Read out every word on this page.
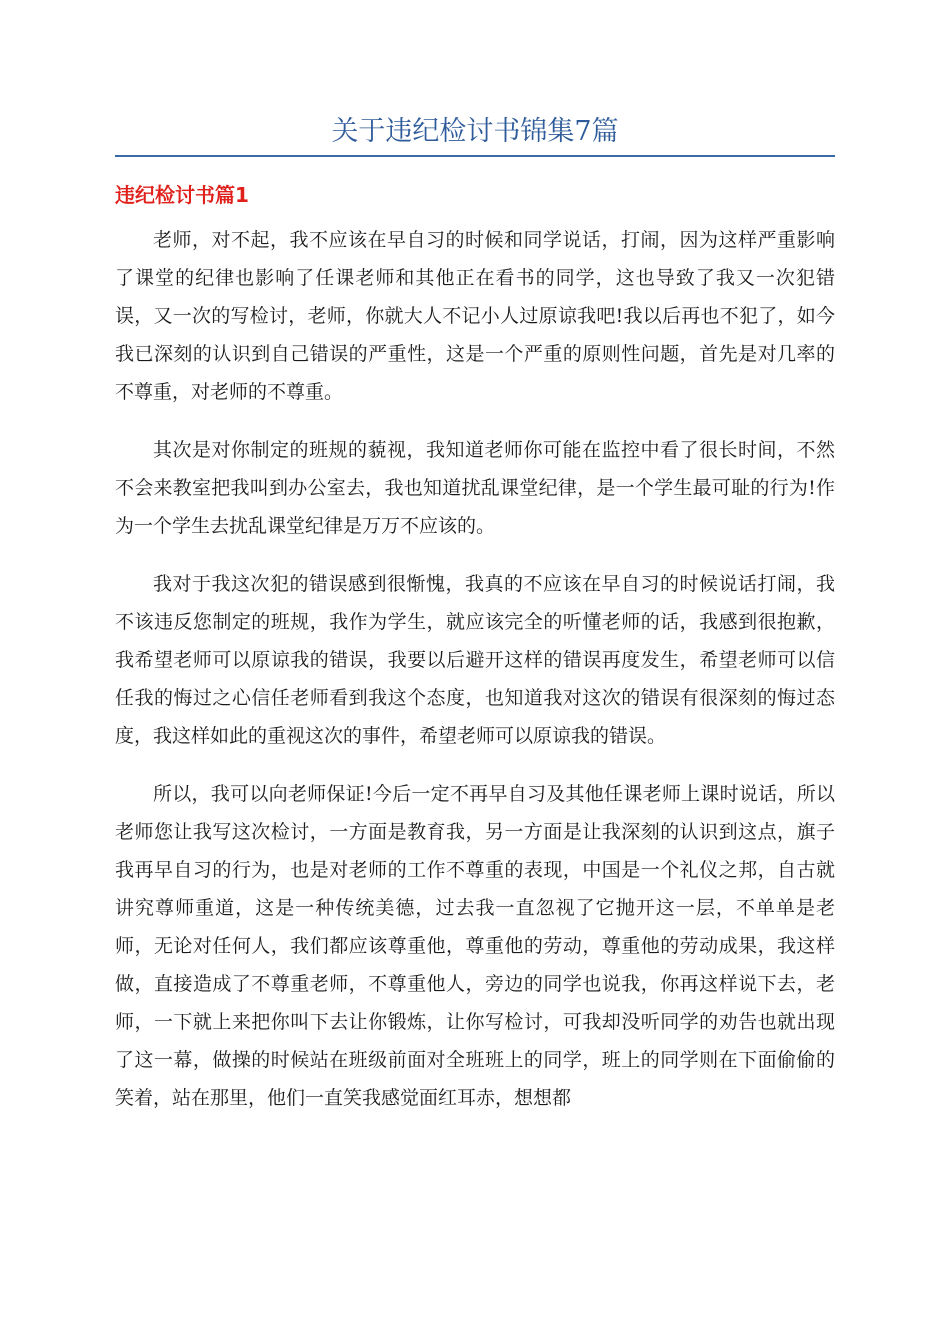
关于违纪检讨书锦集7篇
违纪检讨书篇1

老师，对不起，我不应该在早自习的时候和同学说话，打闹，因为这样严重影响了课堂的纪律也影响了任课老师和其他正在看书的同学，这也导致了我又一次犯错误，又一次的写检讨，老师，你就大人不记小人过原谅我吧!我以后再也不犯了，如今我已深刻的认识到自己错误的严重性，这是一个严重的原则性问题，首先是对几率的不尊重，对老师的不尊重。

其次是对你制定的班规的藐视，我知道老师你可能在监控中看了很长时间，不然不会来教室把我叫到办公室去，我也知道扰乱课堂纪律，是一个学生最可耻的行为!作为一个学生去扰乱课堂纪律是万万不应该的。

我对于我这次犯的错误感到很惭愧，我真的不应该在早自习的时候说话打闹，我不该违反您制定的班规，我作为学生，就应该完全的听懂老师的话，我感到很抱歉，我希望老师可以原谅我的错误，我要以后避开这样的错误再度发生，希望老师可以信任我的悔过之心信任老师看到我这个态度，也知道我对这次的错误有很深刻的悔过态度，我这样如此的重视这次的事件，希望老师可以原谅我的错误。

所以，我可以向老师保证!今后一定不再早自习及其他任课老师上课时说话，所以老师您让我写这次检讨，一方面是教育我，另一方面是让我深刻的认识到这点，旗子我再早自习的行为，也是对老师的工作不尊重的表现，中国是一个礼仪之邦，自古就讲究尊师重道，这是一种传统美德，过去我一直忽视了它抛开这一层，不单单是老师，无论对任何人，我们都应该尊重他，尊重他的劳动，尊重他的劳动成果，我这样做，直接造成了不尊重老师，不尊重他人，旁边的同学也说我，你再这样说下去，老师，一下就上来把你叫下去让你锻炼，让你写检讨，可我却没听同学的劝告也就出现了这一幕，做操的时候站在班级前面对全班班上的同学，班上的同学则在下面偷偷的笑着，站在那里，他们一直笑我感觉面红耳赤，想想都
